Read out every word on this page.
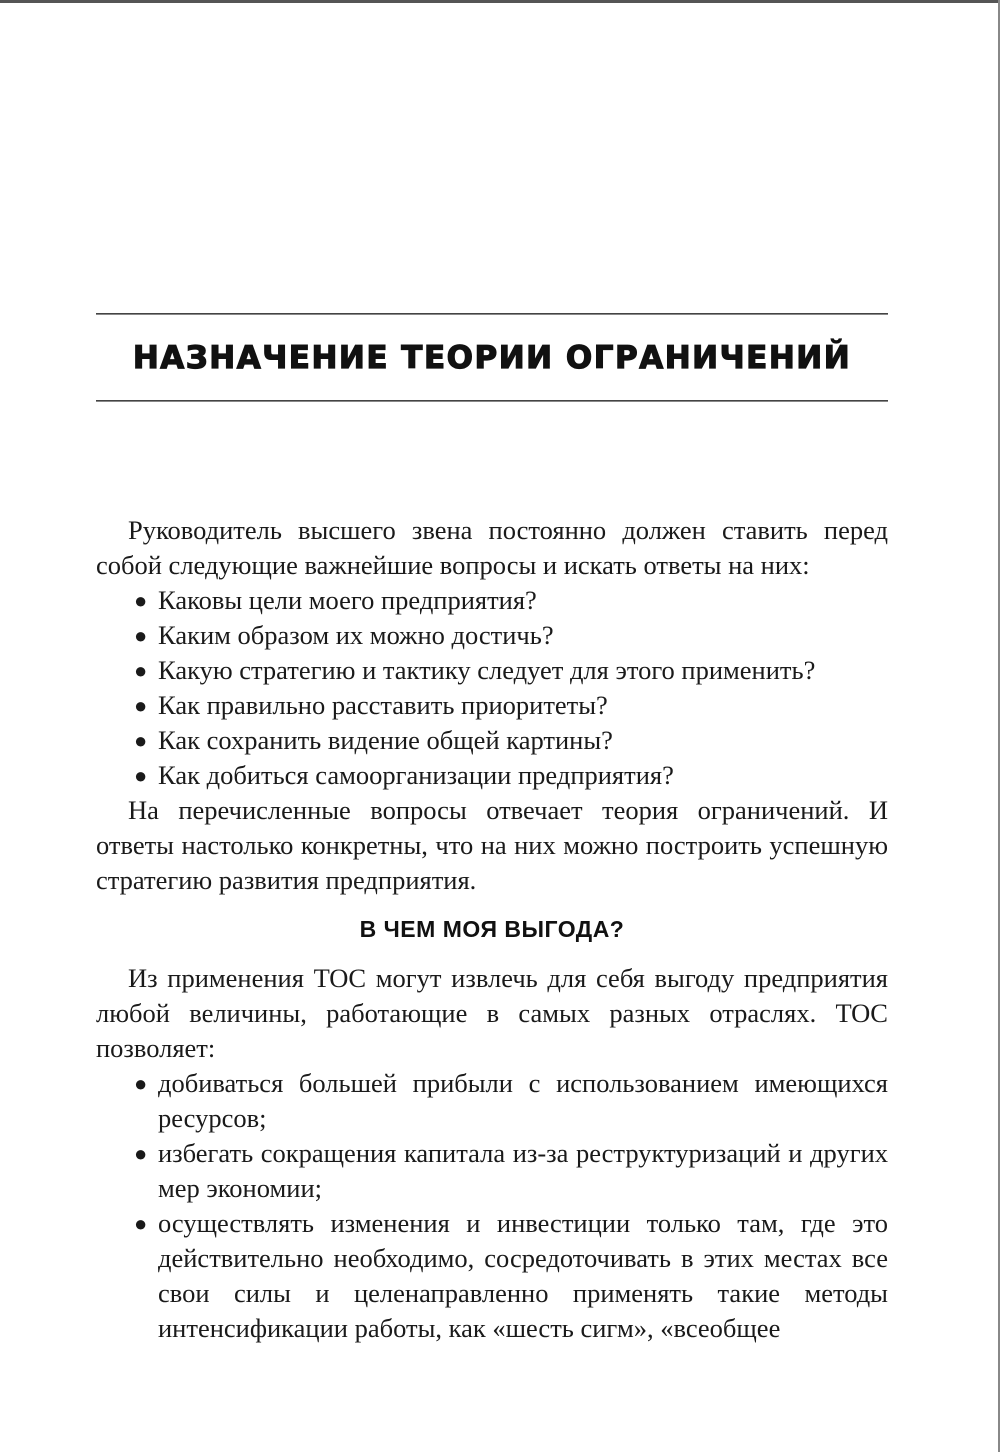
НАЗНАЧЕНИЕ ТЕОРИИ ОГРАНИЧЕНИЙ

Руководитель высшего звена постоянно должен ставить перед собой следующие важнейшие вопросы и искать ответы на них:

● Каковы цели моего предприятия?
● Каким образом их можно достичь?
● Какую стратегию и тактику следует для этого применить?
● Как правильно расставить приоритеты?
● Как сохранить видение общей картины?
● Как добиться самоорганизации предприятия?

На перечисленные вопросы отвечает теория ограничений. И ответы настолько конкретны, что на них можно построить успешную стратегию развития предприятия.

В ЧЕМ МОЯ ВЫГОДА?

Из применения TOC могут извлечь для себя выгоду предприятия любой величины, работающие в самых разных отраслях. TOC позволяет:

● добиваться большей прибыли с использованием имеющихся ресурсов;
● избегать сокращения капитала из-за реструктуризаций и других мер экономии;
● осуществлять изменения и инвестиции только там, где это действительно необходимо, сосредоточивать в этих местах все свои силы и целенаправленно применять такие методы интенсификации работы, как «шесть сигм», «всеобщее
